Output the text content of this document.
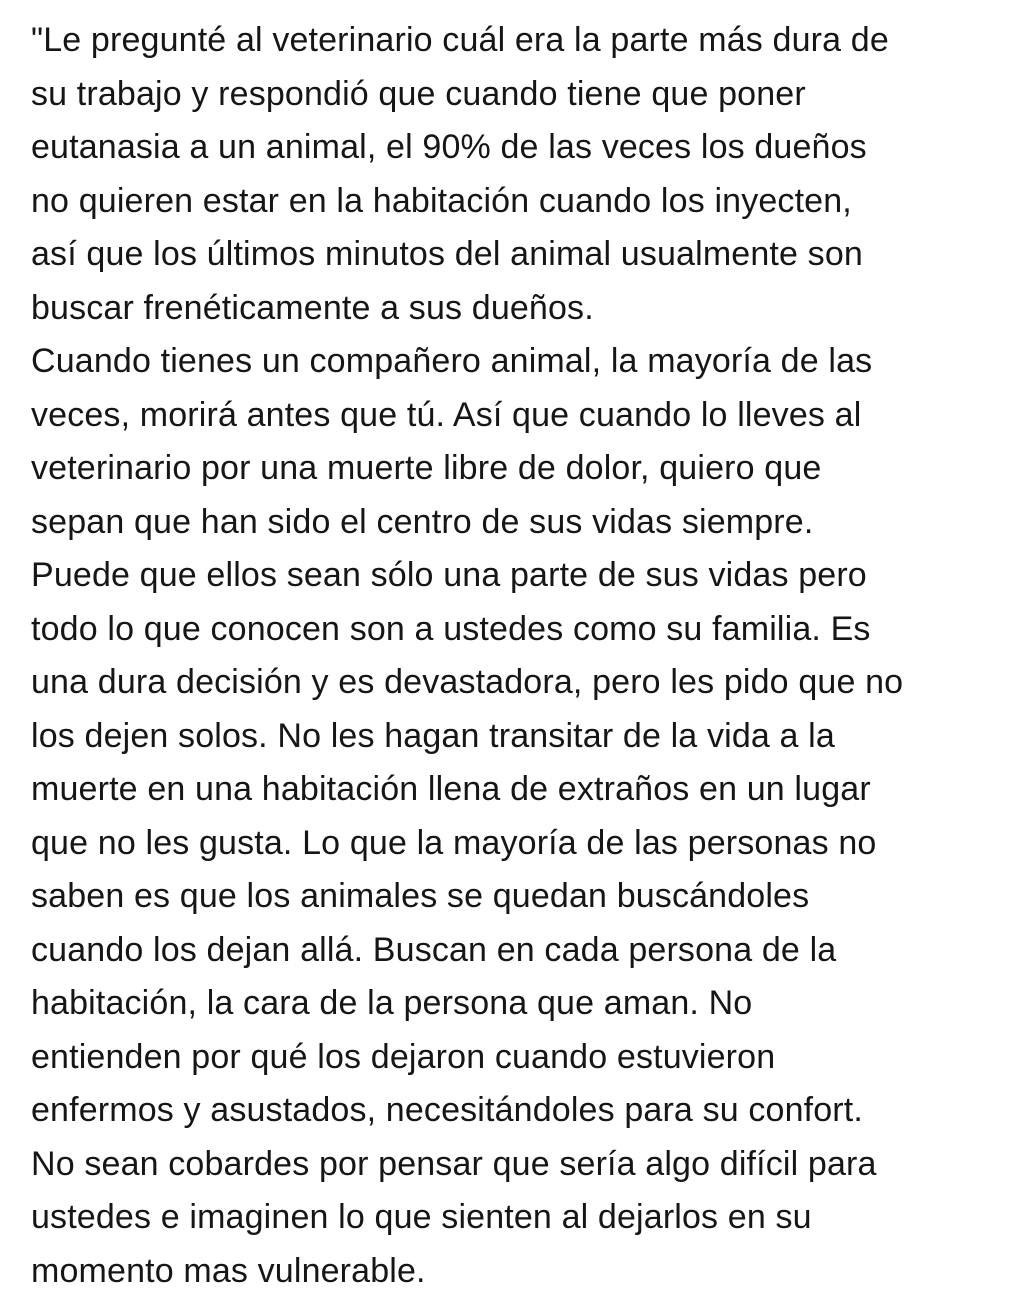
"Le pregunté al veterinario cuál era la parte más dura de
su trabajo y respondió que cuando tiene que poner
eutanasia a un animal, el 90% de las veces los dueños
no quieren estar en la habitación cuando los inyecten,
así que los últimos minutos del animal usualmente son
buscar frenéticamente a sus dueños.
Cuando tienes un compañero animal, la mayoría de las
veces, morirá antes que tú. Así que cuando lo lleves al
veterinario por una muerte libre de dolor, quiero que
sepan que han sido el centro de sus vidas siempre.
Puede que ellos sean sólo una parte de sus vidas pero
todo lo que conocen son a ustedes como su familia. Es
una dura decisión y es devastadora, pero les pido que no
los dejen solos. No les hagan transitar de la vida a la
muerte en una habitación llena de extraños en un lugar
que no les gusta. Lo que la mayoría de las personas no
saben es que los animales se quedan buscándoles
cuando los dejan allá. Buscan en cada persona de la
habitación, la cara de la persona que aman. No
entienden por qué los dejaron cuando estuvieron
enfermos y asustados, necesitándoles para su confort.
No sean cobardes por pensar que sería algo difícil para
ustedes e imaginen lo que sienten al dejarlos en su
momento mas vulnerable.
